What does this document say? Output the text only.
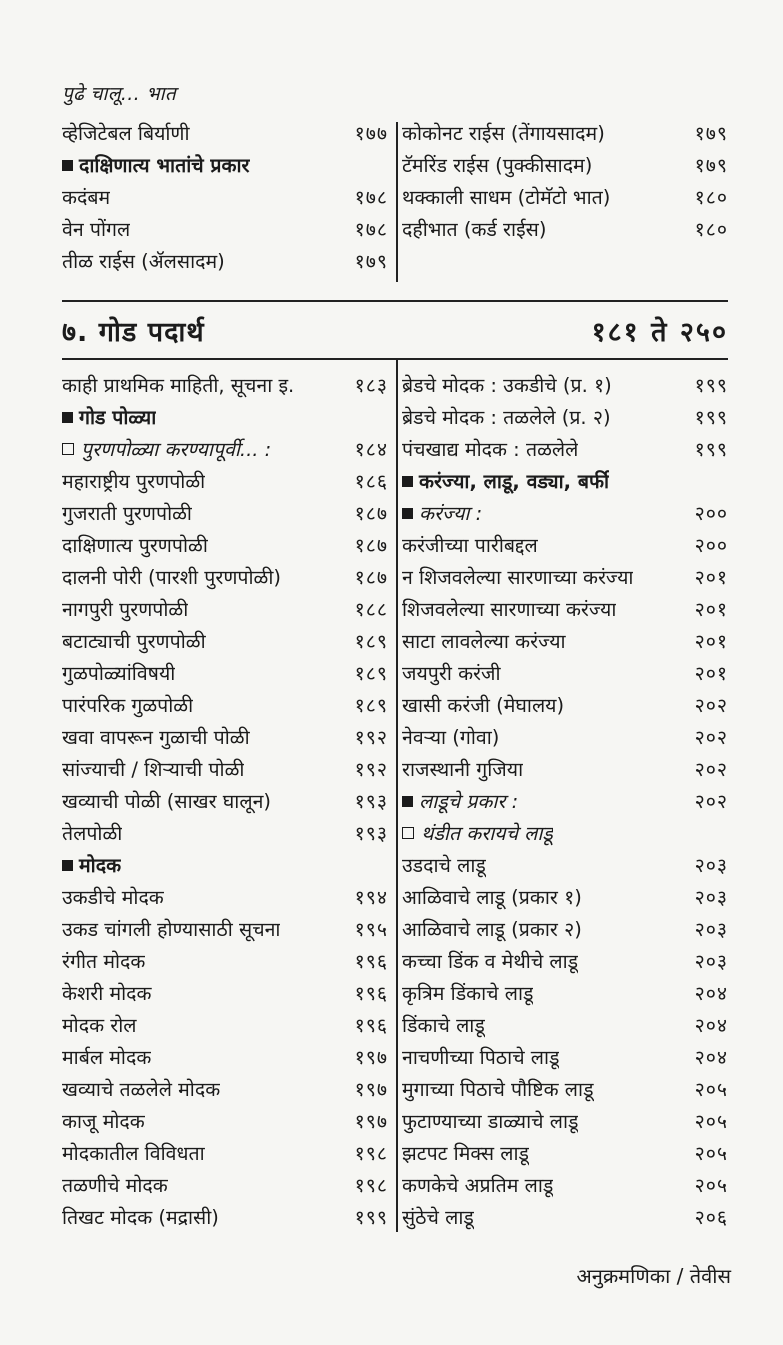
पुढे चालू... भात
व्हेजिटेबल बिर्याणी	१७७
दाक्षिणात्य भातांचे प्रकार
कदंबम	१७८
वेन पोंगल	१७८
तीळ राईस (ॲलसादम)	१७९
कोकोनट राईस (तेंगायसादम)	१७९
टॅमरिंड राईस (पुक्कीसादम)	१७९
थक्काली साधम (टोमॅटो भात)	१८०
दहीभात (कर्ड राईस)	१८०
७. गोड पदार्थ	१८१ ते २५०
काही प्राथमिक माहिती, सूचना इ.	१८३
गोड पोळ्या
पुरणपोळ्या करण्यापूर्वी... :	१८४
महाराष्ट्रीय पुरणपोळी	१८६
गुजराती पुरणपोळी	१८७
दाक्षिणात्य पुरणपोळी	१८७
दालनी पोरी (पारशी पुरणपोळी)	१८७
नागपुरी पुरणपोळी	१८८
बटाट्याची पुरणपोळी	१८९
गुळपोळ्यांविषयी	१८९
पारंपरिक गुळपोळी	१८९
खवा वापरून गुळाची पोळी	१९२
सांज्याची / शिऱ्याची पोळी	१९२
खव्याची पोळी (साखर घालून)	१९३
तेलपोळी	१९३
मोदक
उकडीचे मोदक	१९४
उकड चांगली होण्यासाठी सूचना	१९५
रंगीत मोदक	१९६
केशरी मोदक	१९६
मोदक रोल	१९६
मार्बल मोदक	१९७
खव्याचे तळलेले मोदक	१९७
काजू मोदक	१९७
मोदकातील विविधता	१९८
तळणीचे मोदक	१९८
तिखट मोदक (मद्रासी)	१९९
ब्रेडचे मोदक : उकडीचे (प्र. १)	१९९
ब्रेडचे मोदक : तळलेले (प्र. २)	१९९
पंचखाद्य मोदक : तळलेले	१९९
करंज्या, लाडू, वड्या, बर्फी
करंज्या :	२००
करंजीच्या पारीबद्दल	२००
न शिजवलेल्या सारणाच्या करंज्या	२०१
शिजवलेल्या सारणाच्या करंज्या	२०१
साटा लावलेल्या करंज्या	२०१
जयपुरी करंजी	२०१
खासी करंजी (मेघालय)	२०२
नेवऱ्या (गोवा)	२०२
राजस्थानी गुजिया	२०२
लाडूचे प्रकार :	२०२
थंडीत करायचे लाडू
उडदाचे लाडू	२०३
आळिवाचे लाडू (प्रकार १)	२०३
आळिवाचे लाडू (प्रकार २)	२०३
कच्चा डिंक व मेथीचे लाडू	२०३
कृत्रिम डिंकाचे लाडू	२०४
डिंकाचे लाडू	२०४
नाचणीच्या पिठाचे लाडू	२०४
मुगाच्या पिठाचे पौष्टिक लाडू	२०५
फुटाण्याच्या डाळ्याचे लाडू	२०५
झटपट मिक्स लाडू	२०५
कणकेचे अप्रतिम लाडू	२०५
सुंठेचे लाडू	२०६
अनुक्रमणिका / तेवीस
